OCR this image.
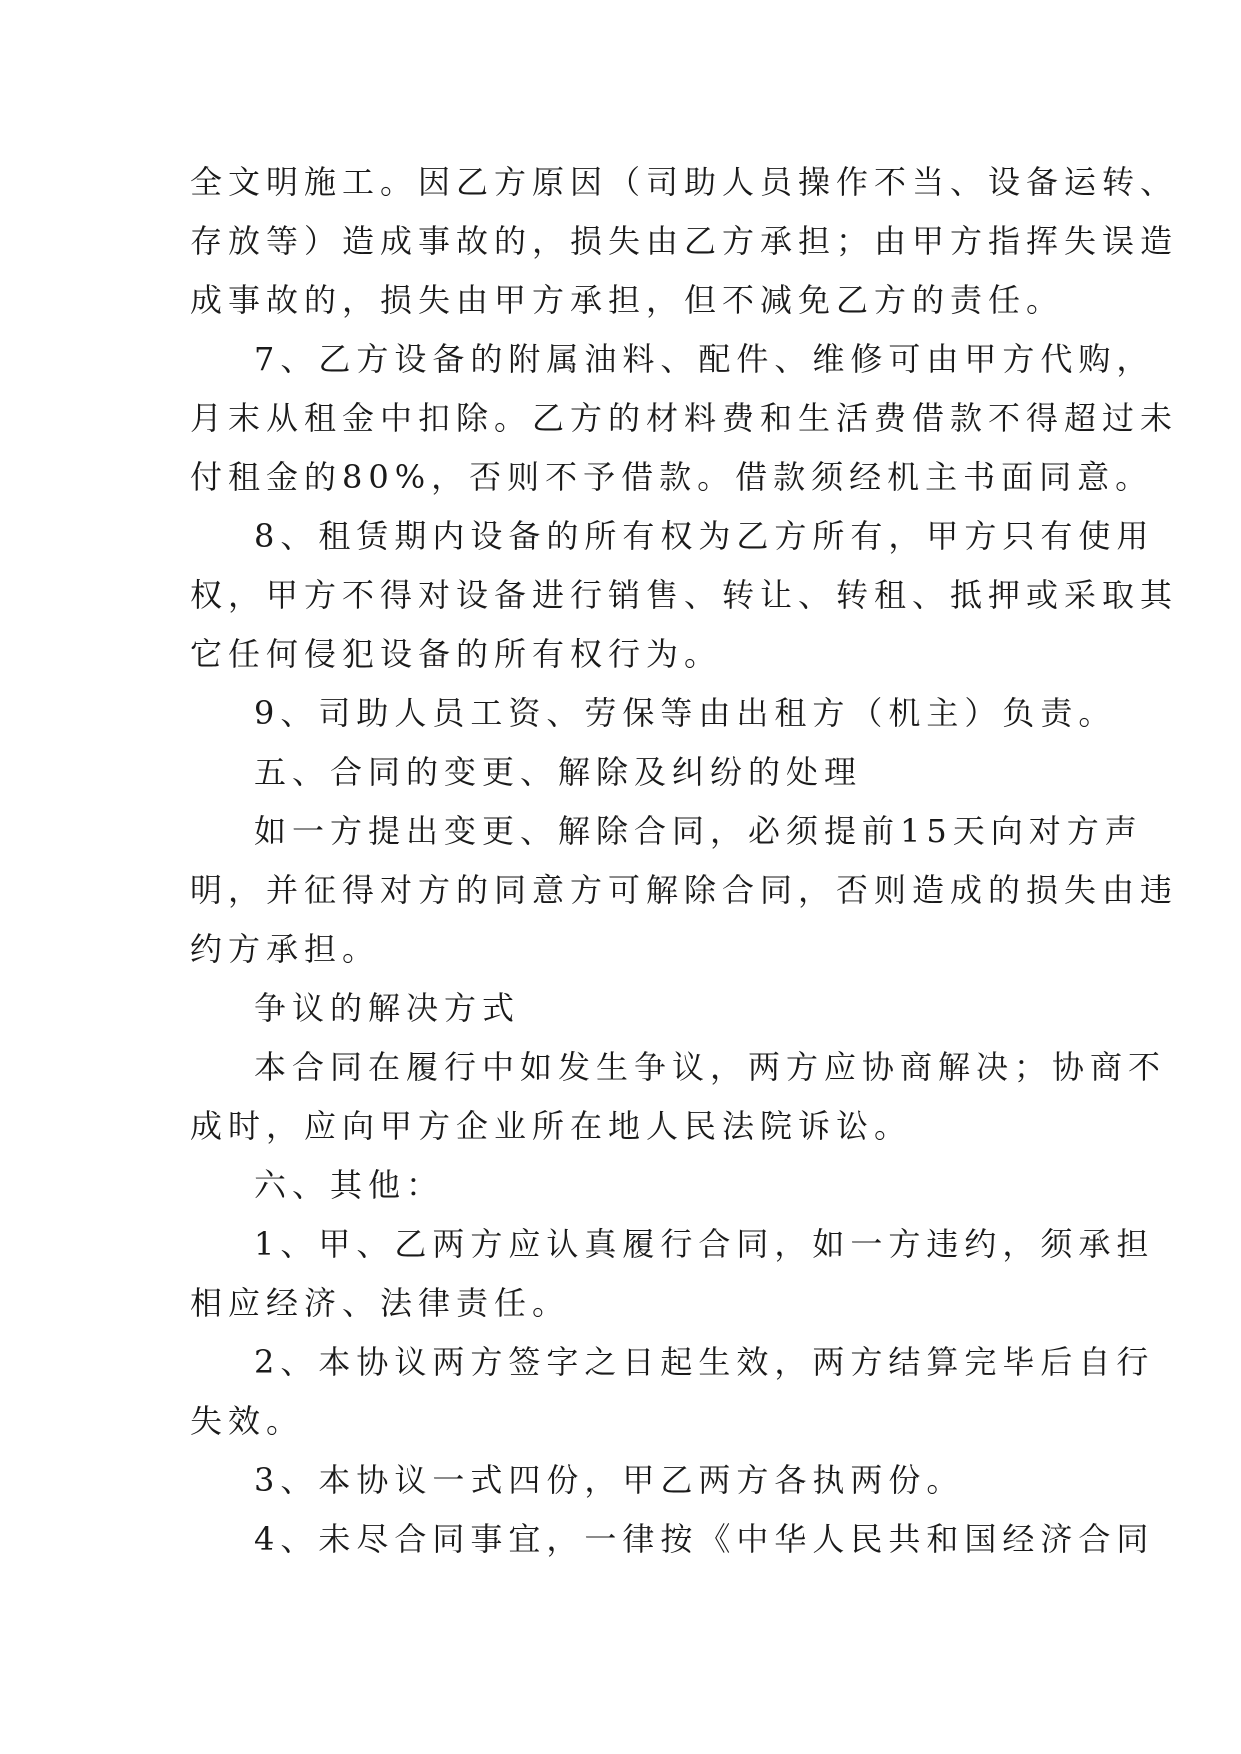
全文明施工。因乙方原因（司助人员操作不当、设备运转、
存放等）造成事故的，损失由乙方承担；由甲方指挥失误造
成事故的，损失由甲方承担，但不减免乙方的责任。
7、乙方设备的附属油料、配件、维修可由甲方代购，
月末从租金中扣除。乙方的材料费和生活费借款不得超过未
付租金的80%，否则不予借款。借款须经机主书面同意。
8、租赁期内设备的所有权为乙方所有，甲方只有使用
权，甲方不得对设备进行销售、转让、转租、抵押或采取其
它任何侵犯设备的所有权行为。
9、司助人员工资、劳保等由出租方（机主）负责。
五、合同的变更、解除及纠纷的处理
如一方提出变更、解除合同，必须提前15天向对方声
明，并征得对方的同意方可解除合同，否则造成的损失由违
约方承担。
争议的解决方式
本合同在履行中如发生争议，两方应协商解决；协商不
成时，应向甲方企业所在地人民法院诉讼。
六、其他：
1、甲、乙两方应认真履行合同，如一方违约，须承担
相应经济、法律责任。
2、本协议两方签字之日起生效，两方结算完毕后自行
失效。
3、本协议一式四份，甲乙两方各执两份。
4、未尽合同事宜，一律按《中华人民共和国经济合同
